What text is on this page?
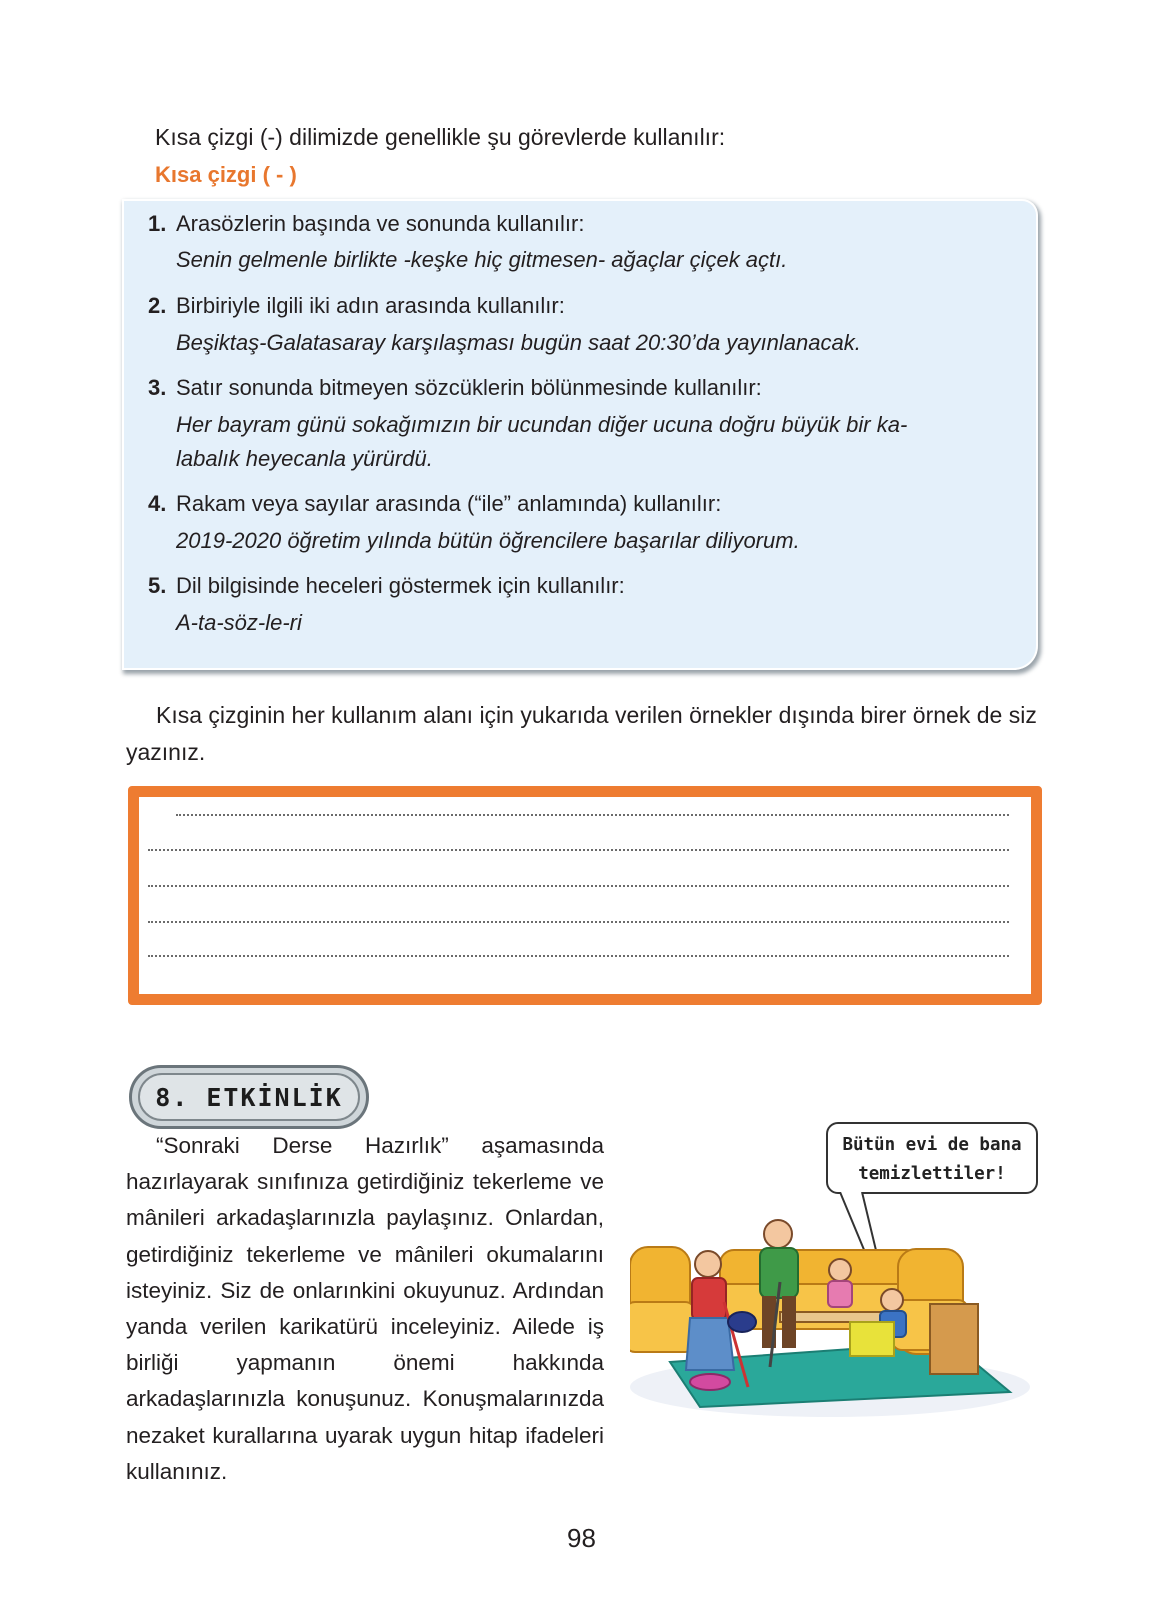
Kısa çizgi (-) dilimizde genellikle şu görevlerde kullanılır:
Kısa çizgi ( - )
1. Arasözlerin başında ve sonunda kullanılır:
Senin gelmenle birlikte -keşke hiç gitmesen- ağaçlar çiçek açtı.
2. Birbiriyle ilgili iki adın arasında kullanılır:
Beşiktaş-Galatasaray karşılaşması bugün saat 20:30’da yayınlanacak.
3. Satır sonunda bitmeyen sözcüklerin bölünmesinde kullanılır:
Her bayram günü sokağımızın bir ucundan diğer ucuna doğru büyük bir ka-
labalık heyecanla yürürdü.
4. Rakam veya sayılar arasında (“ile” anlamında) kullanılır:
2019-2020 öğretim yılında bütün öğrencilere başarılar diliyorum.
5. Dil bilgisinde heceleri göstermek için kullanılır:
A-ta-söz-le-ri
Kısa çizginin her kullanım alanı için yukarıda verilen örnekler dışında birer örnek de siz yazınız.
8. ETKİNLİK
“Sonraki Derse Hazırlık” aşamasında hazırlayarak sınıfınıza getirdiğiniz tekerleme ve mânileri arkadaşlarınızla paylaşınız. Onlardan, getirdiğiniz tekerleme ve mânileri okumalarını isteyiniz. Siz de onlarınkini okuyunuz. Ardından yanda verilen karikatürü inceleyiniz. Ailede iş birliği yapmanın önemi hakkında arkadaşlarınızla konuşunuz. Konuşmalarınızda nezaket kurallarına uyarak uygun hitap ifadeleri kullanınız.
Bütün evi de bana
temizlettiler!
98
